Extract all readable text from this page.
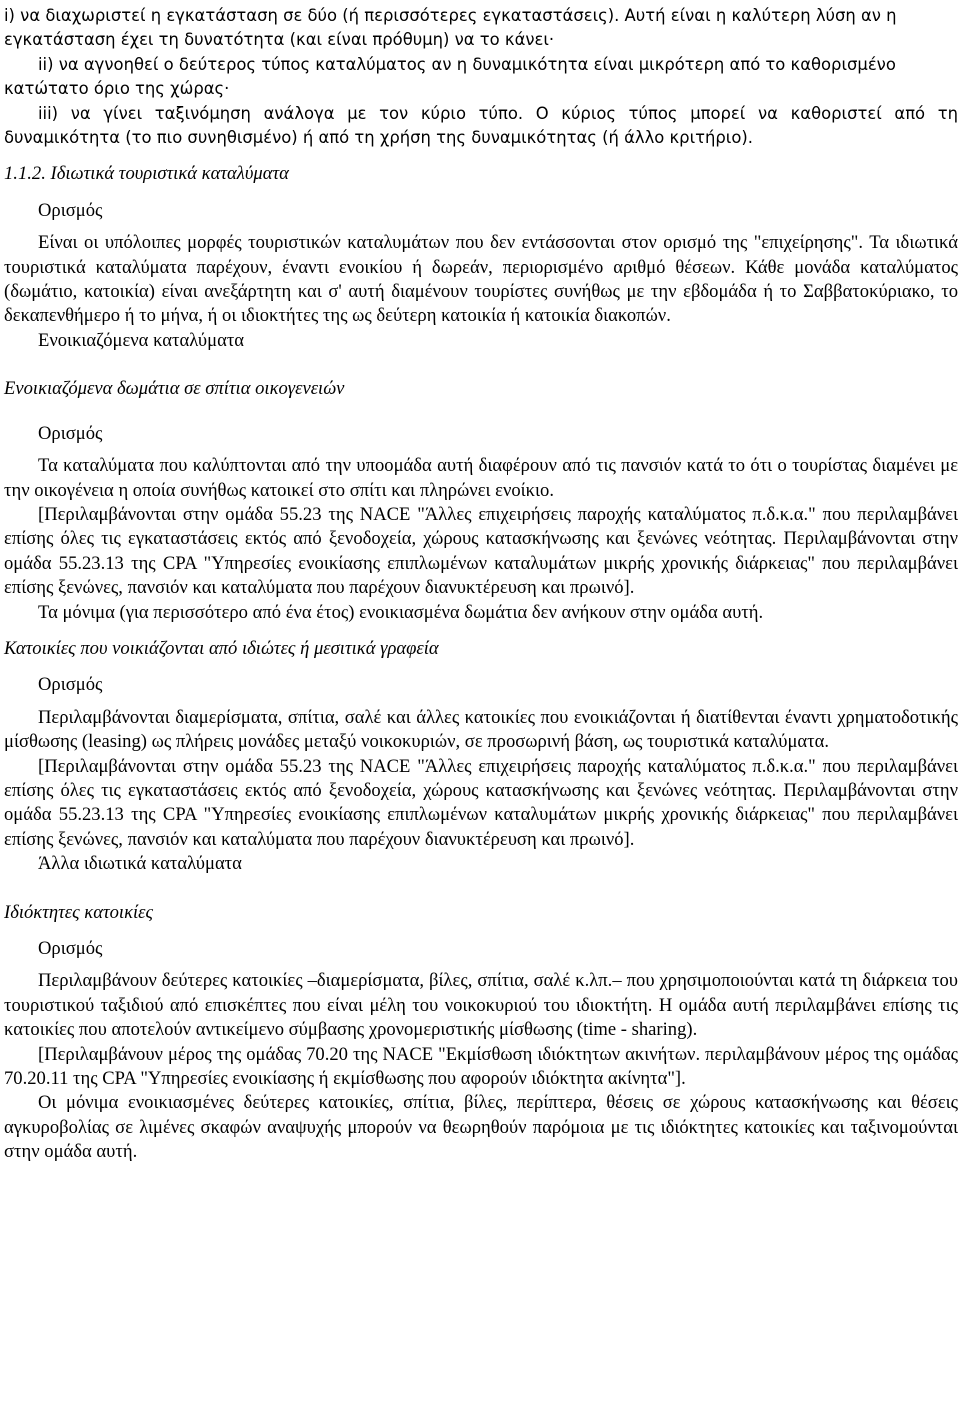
i) να διαχωριστεί η εγκατάσταση σε δύο (ή περισσότερες εγκαταστάσεις). Αυτή είναι η καλύτερη λύση αν η εγκατάσταση έχει τη δυνατότητα (και είναι πρόθυμη) να το κάνει·

ii) να αγνοηθεί ο δεύτερος τύπος καταλύματος αν η δυναμικότητα είναι μικρότερη από το καθορισμένο κατώτατο όριο της χώρας·

iii) να γίνει ταξινόμηση ανάλογα με τον κύριο τύπο. Ο κύριος τύπος μπορεί να καθοριστεί από τη δυναμικότητα (το πιο συνηθισμένο) ή από τη χρήση της δυναμικότητας (ή άλλο κριτήριο).

1.1.2. Ιδιωτικά τουριστικά καταλύματα

Ορισμός

Είναι οι υπόλοιπες μορφές τουριστικών καταλυμάτων που δεν εντάσσονται στον ορισμό της "επιχείρησης". Τα ιδιωτικά τουριστικά καταλύματα παρέχουν, έναντι ενοικίου ή δωρεάν, περιορισμένο αριθμό θέσεων. Κάθε μονάδα καταλύματος (δωμάτιο, κατοικία) είναι ανεξάρτητη και σ' αυτή διαμένουν τουρίστες συνήθως με την εβδομάδα ή το Σαββατοκύριακο, το δεκαπενθήμερο ή το μήνα, ή οι ιδιοκτήτες της ως δεύτερη κατοικία ή κατοικία διακοπών.

Ενοικιαζόμενα καταλύματα

Ενοικιαζόμενα δωμάτια σε σπίτια οικογενειών

Ορισμός

Τα καταλύματα που καλύπτονται από την υποομάδα αυτή διαφέρουν από τις πανσιόν κατά το ότι ο τουρίστας διαμένει με την οικογένεια η οποία συνήθως κατοικεί στο σπίτι και πληρώνει ενοίκιο.

[Περιλαμβάνονται στην ομάδα 55.23 της NACE "Άλλες επιχειρήσεις παροχής καταλύματος π.δ.κ.α." που περιλαμβάνει επίσης όλες τις εγκαταστάσεις εκτός από ξενοδοχεία, χώρους κατασκήνωσης και ξενώνες νεότητας. Περιλαμβάνονται στην ομάδα 55.23.13 της CPA "Υπηρεσίες ενοικίασης επιπλωμένων καταλυμάτων μικρής χρονικής διάρκειας" που περιλαμβάνει επίσης ξενώνες, πανσιόν και καταλύματα που παρέχουν διανυκτέρευση και πρωινό].

Τα μόνιμα (για περισσότερο από ένα έτος) ενοικιασμένα δωμάτια δεν ανήκουν στην ομάδα αυτή.

Κατοικίες που νοικιάζονται από ιδιώτες ή μεσιτικά γραφεία

Ορισμός

Περιλαμβάνονται διαμερίσματα, σπίτια, σαλέ και άλλες κατοικίες που ενοικιάζονται ή διατίθενται έναντι χρηματοδοτικής μίσθωσης (leasing) ως πλήρεις μονάδες μεταξύ νοικοκυριών, σε προσωρινή βάση, ως τουριστικά καταλύματα.

[Περιλαμβάνονται στην ομάδα 55.23 της NACE "Άλλες επιχειρήσεις παροχής καταλύματος π.δ.κ.α." που περιλαμβάνει επίσης όλες τις εγκαταστάσεις εκτός από ξενοδοχεία, χώρους κατασκήνωσης και ξενώνες νεότητας. Περιλαμβάνονται στην ομάδα 55.23.13 της CPA "Υπηρεσίες ενοικίασης επιπλωμένων καταλυμάτων μικρής χρονικής διάρκειας" που περιλαμβάνει επίσης ξενώνες, πανσιόν και καταλύματα που παρέχουν διανυκτέρευση και πρωινό].

Άλλα ιδιωτικά καταλύματα

Ιδιόκτητες κατοικίες

Ορισμός

Περιλαμβάνουν δεύτερες κατοικίες –διαμερίσματα, βίλες, σπίτια, σαλέ κ.λπ.– που χρησιμοποιούνται κατά τη διάρκεια του τουριστικού ταξιδιού από επισκέπτες που είναι μέλη του νοικοκυριού του ιδιοκτήτη. Η ομάδα αυτή περιλαμβάνει επίσης τις κατοικίες που αποτελούν αντικείμενο σύμβασης χρονομεριστικής μίσθωσης (time - sharing).

[Περιλαμβάνουν μέρος της ομάδας 70.20 της NACE "Εκμίσθωση ιδιόκτητων ακινήτων. περιλαμβάνουν μέρος της ομάδας 70.20.11 της CPA "Υπηρεσίες ενοικίασης ή εκμίσθωσης που αφορούν ιδιόκτητα ακίνητα"].

Οι μόνιμα ενοικιασμένες δεύτερες κατοικίες, σπίτια, βίλες, περίπτερα, θέσεις σε χώρους κατασκήνωσης και θέσεις αγκυροβολίας σε λιμένες σκαφών αναψυχής μπορούν να θεωρηθούν παρόμοια με τις ιδιόκτητες κατοικίες και ταξινομούνται στην ομάδα αυτή.
